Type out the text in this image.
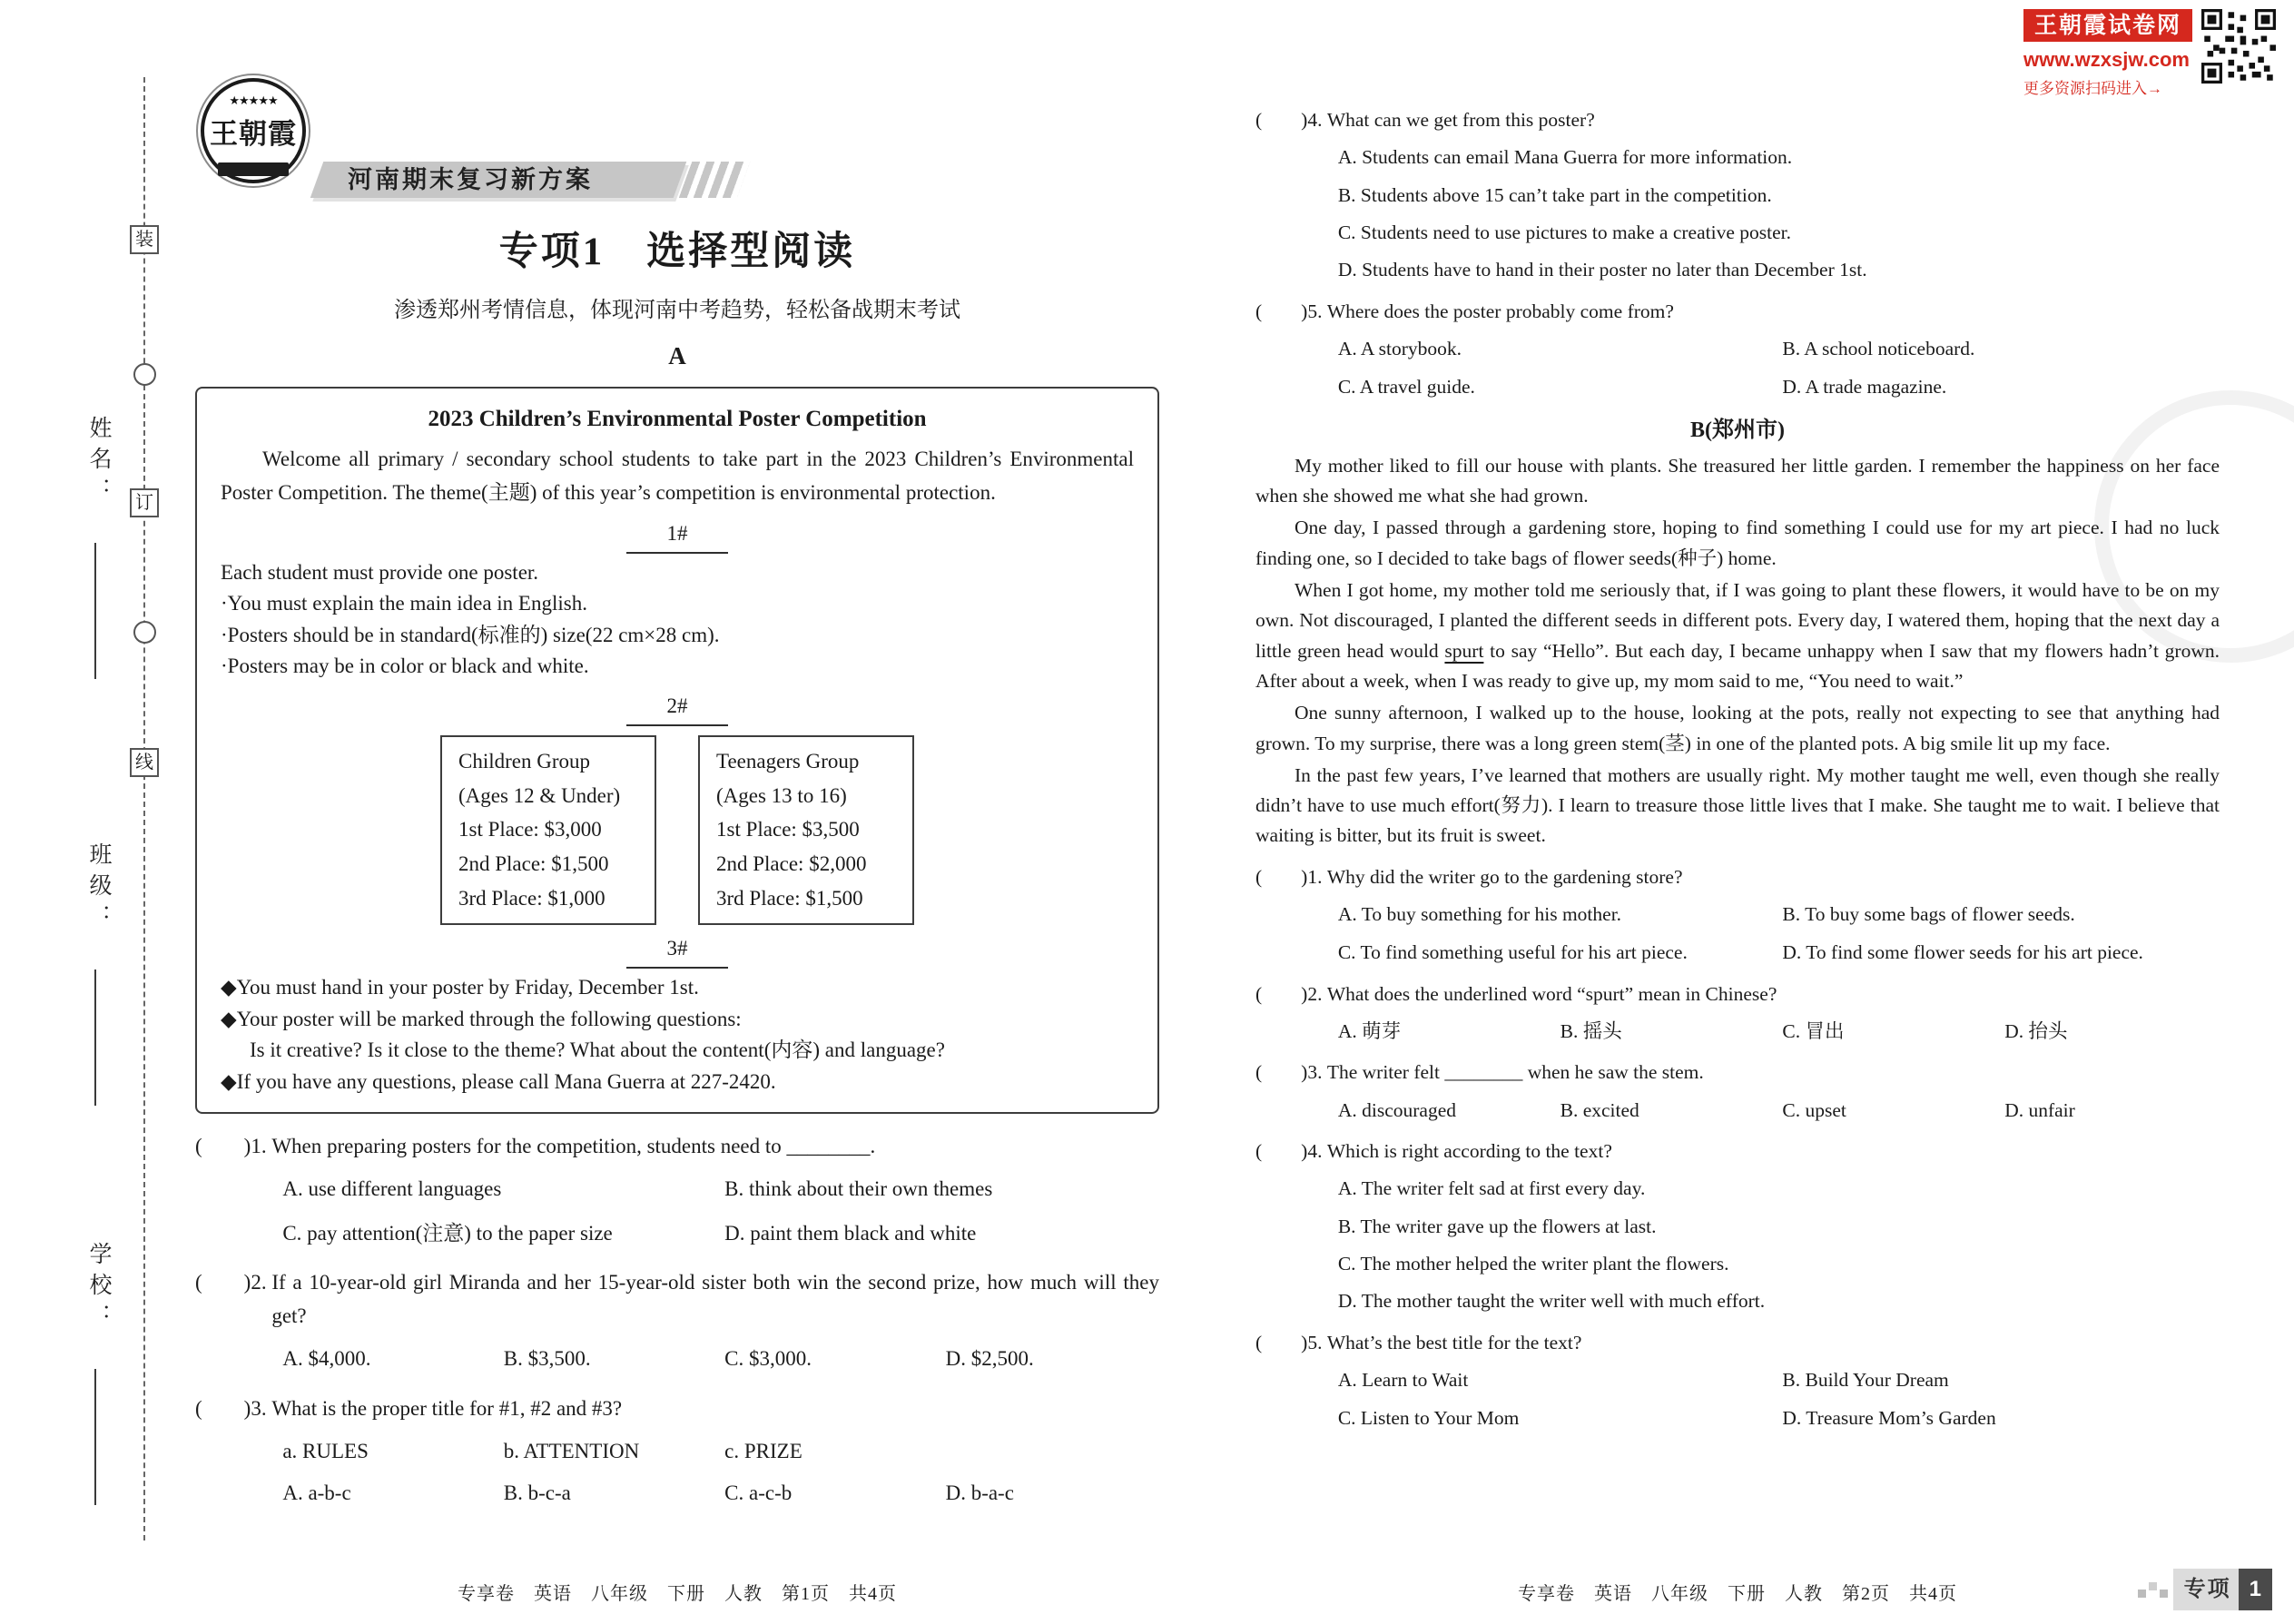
装
订
线
姓名：
班级：
学校：
王朝霞试卷网
www.wzxsjw.com
更多资源扫码进入→
★★★★★
王朝霞
河南期末复习新方案
专项1　选择型阅读
渗透郑州考情信息，体现河南中考趋势，轻松备战期末考试
A
2023 Children’s Environmental Poster Competition
Welcome all primary / secondary school students to take part in the 2023 Children’s Environmental Poster Competition. The theme(主题) of this year’s competition is environmental protection.
1#
Each student must provide one poster.
·You must explain the main idea in English.
·Posters should be in standard(标准的) size(22 cm×28 cm).
·Posters may be in color or black and white.
2#
Children Group
(Ages 12 & Under)
1st Place: $3,000
2nd Place: $1,500
3rd Place: $1,000
Teenagers Group
(Ages 13 to 16)
1st Place: $3,500
2nd Place: $2,000
3rd Place: $1,500
3#
◆You must hand in your poster by Friday, December 1st.
◆Your poster will be marked through the following questions:
Is it creative? Is it close to the theme? What about the content(内容) and language?
◆If you have any questions, please call Mana Guerra at 227-2420.
(        )1. When preparing posters for the competition, students need to ________.
A. use different languages	B. think about their own themes
C. pay attention(注意) to the paper size	D. paint them black and white
(        )2. If a 10-year-old girl Miranda and her 15-year-old sister both win the second prize, how much will they get?
A. $4,000.	B. $3,500.	C. $3,000.	D. $2,500.
(        )3. What is the proper title for #1, #2 and #3?
a. RULES	b. ATTENTION	c. PRIZE
A. a-b-c	B. b-c-a	C. a-c-b	D. b-a-c
(        )4. What can we get from this poster?
A. Students can email Mana Guerra for more information.
B. Students above 15 can’t take part in the competition.
C. Students need to use pictures to make a creative poster.
D. Students have to hand in their poster no later than December 1st.
(        )5. Where does the poster probably come from?
A. A storybook.	B. A school noticeboard.
C. A travel guide.	D. A trade magazine.
B(郑州市)

My mother liked to fill our house with plants. She treasured her little garden. I remember the happiness on her face when she showed me what she had grown.

One day, I passed through a gardening store, hoping to find something I could use for my art piece. I had no luck finding one, so I decided to take bags of flower seeds(种子) home.

When I got home, my mother told me seriously that, if I was going to plant these flowers, it would have to be on my own. Not discouraged, I planted the different seeds in different pots. Every day, I watered them, hoping that the next day a little green head would spurt to say “Hello”. But each day, I became unhappy when I saw that my flowers hadn’t grown. After about a week, when I was ready to give up, my mom said to me, “You need to wait.”

One sunny afternoon, I walked up to the house, looking at the pots, really not expecting to see that anything had grown. To my surprise, there was a long green stem(茎) in one of the planted pots. A big smile lit up my face.

In the past few years, I’ve learned that mothers are usually right. My mother taught me well, even though she really didn’t have to use much effort(努力). I learn to treasure those little lives that I make. She taught me to wait. I believe that waiting is bitter, but its fruit is sweet.

(        )1. Why did the writer go to the gardening store?
A. To buy something for his mother.	B. To buy some bags of flower seeds.
C. To find something useful for his art piece.	D. To find some flower seeds for his art piece.
(        )2. What does the underlined word “spurt” mean in Chinese?
A. 萌芽	B. 摇头	C. 冒出	D. 抬头
(        )3. The writer felt ________ when he saw the stem.
A. discouraged	B. excited	C. upset	D. unfair
(        )4. Which is right according to the text?
A. The writer felt sad at first every day.
B. The writer gave up the flowers at last.
C. The mother helped the writer plant the flowers.
D. The mother taught the writer well with much effort.
(        )5. What’s the best title for the text?
A. Learn to Wait	B. Build Your Dream
C. Listen to Your Mom	D. Treasure Mom’s Garden
专享卷　英语　八年级　下册　人教　第1页　共4页	专享卷　英语　八年级　下册　人教　第2页　共4页	专项 1
